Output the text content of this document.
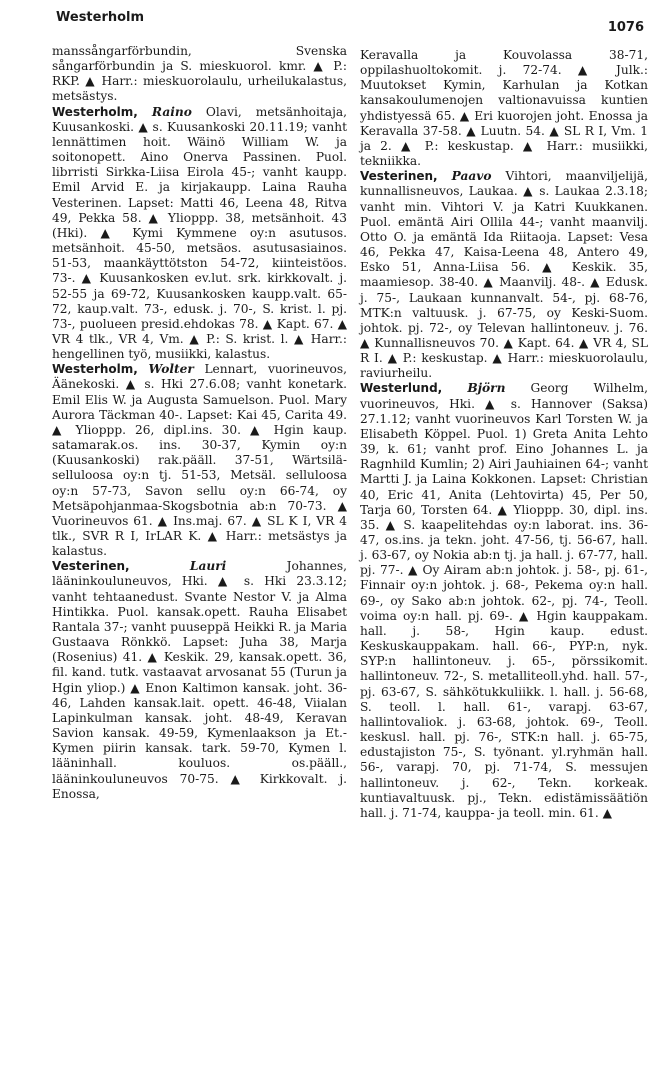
Westerholm
1076

manssångarförbundin, Svenska sångarförbundin ja S. mieskuorol. kmr. ▲ P.: RKP. ▲ Harr.: mieskuorolaulu, urheilukalastus, metsästys.

Westerholm, Raino Olavi, metsänhoitaja, Kuusankoski. ▲ s. Kuusankoski 20.11.19; vanht lennättimen hoit. Wäinö William W. ja soitonopett. Aino Onerva Passinen. Puol. librristi Sirkka-Liisa Eirola 45-; vanht kaupp. Emil Arvid E. ja kirjakaupp. Laina Rauha Vesterinen. Lapset: Matti 46, Leena 48, Ritva 49, Pekka 58. ▲ Ylioppp. 38, metsänhoit. 43 (Hki). ▲ Kymi Kymmene oy:n asutusos. metsänhoit. 45-50, metsäos. asutusasiainos. 51-53, maankäyttötston 54-72, kiinteistöos. 73-. ▲ Kuusankosken ev.lut. srk. kirkkovalt. j. 52-55 ja 69-72, Kuusankosken kaupp.valt. 65-72, kaup.valt. 73-, edusk. j. 70-, S. krist. l. pj. 73-, puolueen presid.ehdokas 78. ▲ Kapt. 67. ▲ VR 4 tlk., VR 4, Vm. ▲ P.: S. krist. l. ▲ Harr.: hengellinen työ, musiikki, kalastus.

Westerholm, Wolter Lennart, vuorineuvos, Äänekoski. ▲ s. Hki 27.6.08; vanht konetark. Emil Elis W. ja Augusta Samuelson. Puol. Mary Aurora Täckman 40-. Lapset: Kai 45, Carita 49. ▲ Ylioppp. 26, dipl.ins. 30. ▲ Hgin kaup. satamarak.os. ins. 30-37, Kymin oy:n (Kuusankoski) rak.pääll. 37-51, Wärtsilä-selluloosa oy:n tj. 51-53, Metsäl. selluloosa oy:n 57-73, Savon sellu oy:n 66-74, oy Metsäpohjanmaa-Skogsbotnia ab:n 70-73. ▲ Vuorineuvos 61. ▲ Ins.maj. 67. ▲ SL K I, VR 4 tlk., SVR R I, IrLAR K. ▲ Harr.: metsästys ja kalastus.

Vesterinen,	Lauri	Johannes, lääninkouluneuvos, Hki. ▲ s. Hki 23.3.12; vanht tehtaanedust. Svante Nestor V. ja Alma Hintikka. Puol. kansak.opett. Rauha Elisabet Rantala 37-; vanht puuseppä Heikki R. ja Maria Gustaava Rönkkö. Lapset: Juha 38, Marja (Rosenius) 41. ▲ Keskik. 29, kansak.opett. 36, fil. kand. tutk. vastaavat arvosanat 55 (Turun ja Hgin yliop.) ▲ Enon Kaltimon kansak. joht. 36-46, Lahden kansak.lait. opett. 46-48, Viialan Lapinkulman kansak. joht. 48-49, Keravan Savion kansak. 49-59, Kymenlaakson ja Et.-Kymen piirin kansak. tark. 59-70, Kymen l. lääninhall. kouluos. os.pääll., lääninkouluneuvos 70-75. ▲ Kirkkovalt. j. Enossa,

Keravalla ja Kouvolassa 38-71, oppilashuoltokomit. j. 72-74. ▲ Julk.: Muutokset Kymin, Karhulan ja Kotkan kansakoulumenojen valtionavuissa kuntien yhdistyessä 65. ▲ Eri kuorojen joht. Enossa ja Keravalla 37-58. ▲ Luutn. 54. ▲ SL R I, Vm. 1 ja 2. ▲ P.: keskustap. ▲ Harr.: musiikki, tekniikka.

Vesterinen, Paavo Vihtori, maanviljelijä, kunnallisneuvos, Laukaa. ▲ s. Laukaa 2.3.18; vanht min. Vihtori V. ja Katri Kuukkanen. Puol. emäntä Airi Ollila 44-; vanht maanvilj. Otto O. ja emäntä Ida Riitaoja. Lapset: Vesa 46, Pekka 47, Kaisa-Leena 48, Antero 49, Esko 51, Anna-Liisa 56. ▲ Keskik. 35, maamiesop. 38-40. ▲ Maanvilj. 48-. ▲ Edusk. j. 75-, Laukaan kunnanvalt. 54-, pj. 68-76, MTK:n valtuusk. j. 67-75, oy Keski-Suom. johtok. pj. 72-, oy Televan hallintoneuv. j. 76. ▲ Kunnallisneuvos 70. ▲ Kapt. 64. ▲ VR 4, SL R I. ▲ P.: keskustap. ▲ Harr.: mieskuorolaulu, raviurheilu.

Westerlund, Björn Georg Wilhelm, vuorineuvos, Hki. ▲ s. Hannover (Saksa) 27.1.12; vanht vuorineuvos Karl Torsten W. ja Elisabeth Köppel. Puol. 1) Greta Anita Lehto 39, k. 61; vanht prof. Eino Johannes L. ja Ragnhild Kumlin; 2) Airi Jauhiainen 64-; vanht Martti J. ja Laina Kokkonen. Lapset: Christian 40, Eric 41, Anita (Lehtovirta) 45, Per 50, Tarja 60, Torsten 64. ▲ Ylioppp. 30, dipl. ins. 35. ▲ S. kaapelitehdas oy:n laborat. ins. 36-47, os.ins. ja tekn. joht. 47-56, tj. 56-67, hall. j. 63-67, oy Nokia ab:n tj. ja hall. j. 67-77, hall. pj. 77-. ▲ Oy Airam ab:n johtok. j. 58-, pj. 61-, Finnair oy:n johtok. j. 68-, Pekema oy:n hall. 69-, oy Sako ab:n johtok. 62-, pj. 74-, Teoll. voima oy:n hall. pj. 69-. ▲ Hgin kauppakam. hall. j. 58-, Hgin kaup. edust. Keskuskauppakam. hall. 66-, PYP:n, nyk. SYP:n hallintoneuv. j. 65-, pörssikomit. hallintoneuv. 72-, S. metalliteoll.yhd. hall. 57-, pj. 63-67, S. sähkötukkuliikk. l. hall. j. 56-68, S. teoll. l. hall. 61-, varapj. 63-67, hallintovaliok. j. 63-68, johtok. 69-, Teoll. keskusl. hall. pj. 76-, STK:n hall. j. 65-75, edustajiston 75-, S. työnant. yl.ryhmän hall. 56-, varapj. 70, pj. 71-74, S. messujen hallintoneuv. j. 62-, Tekn. korkeak. kuntiavaltuusk. pj., Tekn. edistämissäätiön hall. j. 71-74, kauppa- ja teoll. min. 61. ▲
